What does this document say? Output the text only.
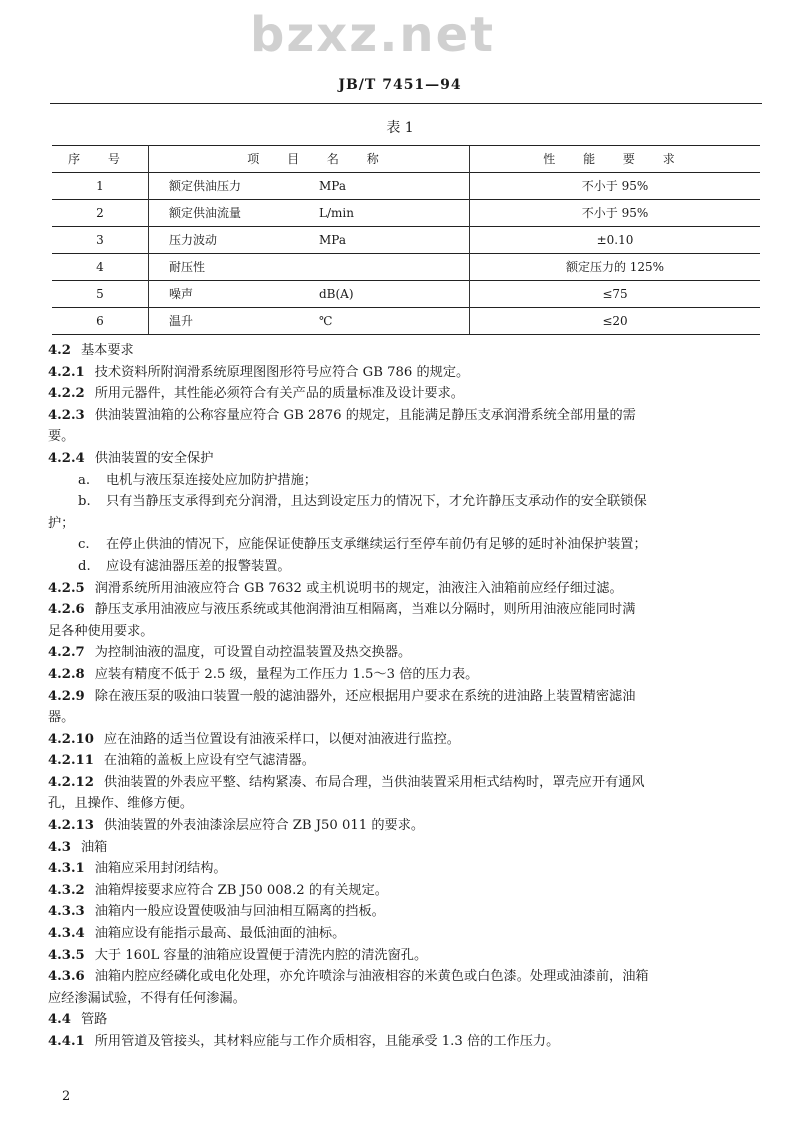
bzxz.net
JB/T 7451—94
表 1
序 号	项 目 名 称		性 能 要 求
1	额定供油压力	MPa	不小于 95%
2	额定供油流量	L/min	不小于 95%
3	压力波动	MPa	±0.10
4	耐压性		额定压力的 125%
5	噪声	dB(A)	≤75
6	温升	℃	≤20
4.2 基本要求
4.2.1 技术资料所附润滑系统原理图图形符号应符合 GB 786 的规定。
4.2.2 所用元器件，其性能必须符合有关产品的质量标准及设计要求。
4.2.3 供油装置油箱的公称容量应符合 GB 2876 的规定，且能满足静压支承润滑系统全部用量的需
要。
4.2.4 供油装置的安全保护
a. 电机与液压泵连接处应加防护措施；
b. 只有当静压支承得到充分润滑，且达到设定压力的情况下，才允许静压支承动作的安全联锁保
护；
c. 在停止供油的情况下，应能保证使静压支承继续运行至停车前仍有足够的延时补油保护装置；
d. 应设有滤油器压差的报警装置。
4.2.5 润滑系统所用油液应符合 GB 7632 或主机说明书的规定，油液注入油箱前应经仔细过滤。
4.2.6 静压支承用油液应与液压系统或其他润滑油互相隔离，当难以分隔时，则所用油液应能同时满
足各种使用要求。
4.2.7 为控制油液的温度，可设置自动控温装置及热交换器。
4.2.8 应装有精度不低于 2.5 级，量程为工作压力 1.5～3 倍的压力表。
4.2.9 除在液压泵的吸油口装置一般的滤油器外，还应根据用户要求在系统的进油路上装置精密滤油
器。
4.2.10 应在油路的适当位置设有油液采样口，以便对油液进行监控。
4.2.11 在油箱的盖板上应设有空气滤清器。
4.2.12 供油装置的外表应平整、结构紧凑、布局合理，当供油装置采用柜式结构时，罩壳应开有通风
孔，且操作、维修方便。
4.2.13 供油装置的外表油漆涂层应符合 ZB J50 011 的要求。
4.3 油箱
4.3.1 油箱应采用封闭结构。
4.3.2 油箱焊接要求应符合 ZB J50 008.2 的有关规定。
4.3.3 油箱内一般应设置使吸油与回油相互隔离的挡板。
4.3.4 油箱应设有能指示最高、最低油面的油标。
4.3.5 大于 160L 容量的油箱应设置便于清洗内腔的清洗窗孔。
4.3.6 油箱内腔应经磷化或电化处理，亦允许喷涂与油液相容的米黄色或白色漆。处理或油漆前，油箱
应经渗漏试验，不得有任何渗漏。
4.4 管路
4.4.1 所用管道及管接头，其材料应能与工作介质相容，且能承受 1.3 倍的工作压力。
2
